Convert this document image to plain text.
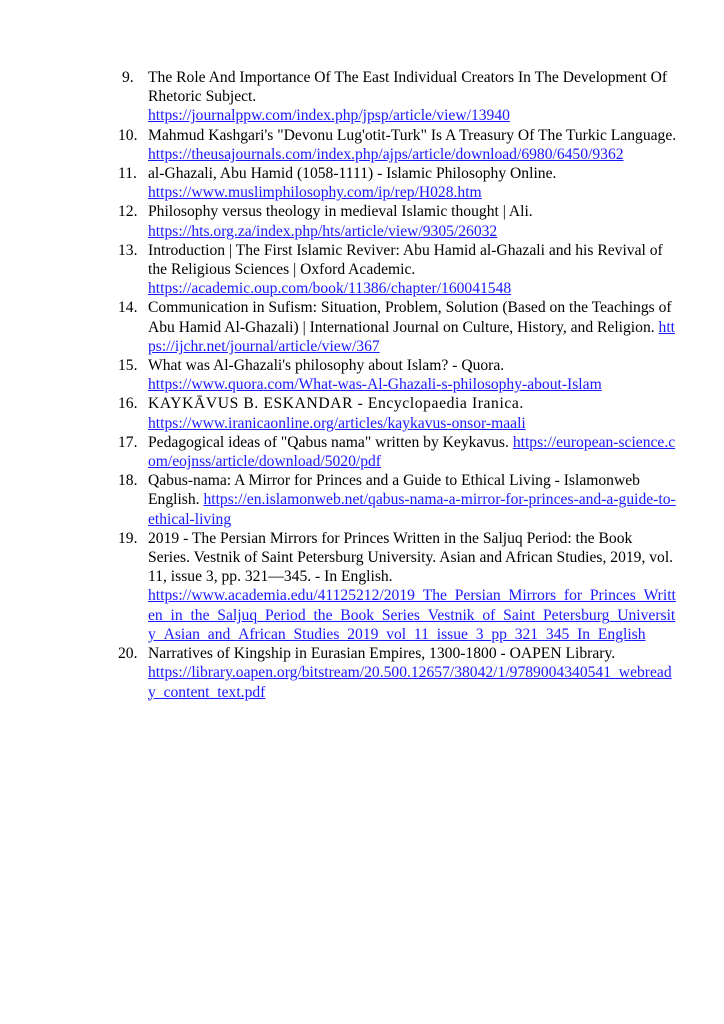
9. The Role And Importance Of The East Individual Creators In The Development Of Rhetoric Subject.
https://journalppw.com/index.php/jpsp/article/view/13940
10. Mahmud Kashgari's "Devonu Lug'otit-Turk" Is A Treasury Of The Turkic Language.
https://theusajournals.com/index.php/ajps/article/download/6980/6450/9362
11. al-Ghazali, Abu Hamid (1058-1111) - Islamic Philosophy Online.
https://www.muslimphilosophy.com/ip/rep/H028.htm
12. Philosophy versus theology in medieval Islamic thought | Ali.
https://hts.org.za/index.php/hts/article/view/9305/26032
13. Introduction | The First Islamic Reviver: Abu Hamid al-Ghazali and his Revival of the Religious Sciences | Oxford Academic.
https://academic.oup.com/book/11386/chapter/160041548
14. Communication in Sufism: Situation, Problem, Solution (Based on the Teachings of Abu Hamid Al-Ghazali) | International Journal on Culture, History, and Religion. https://ijchr.net/journal/article/view/367
15. What was Al-Ghazali's philosophy about Islam? - Quora.
https://www.quora.com/What-was-Al-Ghazali-s-philosophy-about-Islam
16. KAYKĀVUS B. ESKANDAR - Encyclopaedia Iranica.
https://www.iranicaonline.org/articles/kaykavus-onsor-maali
17. Pedagogical ideas of "Qabus nama" written by Keykavus. https://european-science.com/eojnss/article/download/5020/pdf
18. Qabus-nama: A Mirror for Princes and a Guide to Ethical Living - Islamonweb English. https://en.islamonweb.net/qabus-nama-a-mirror-for-princes-and-a-guide-to-ethical-living
19. 2019 - The Persian Mirrors for Princes Written in the Saljuq Period: the Book Series. Vestnik of Saint Petersburg University. Asian and African Studies, 2019, vol. 11, issue 3, pp. 321—345. - In English.
https://www.academia.edu/41125212/2019_The_Persian_Mirrors_for_Princes_Written_in_the_Saljuq_Period_the_Book_Series_Vestnik_of_Saint_Petersburg_University_Asian_and_African_Studies_2019_vol_11_issue_3_pp_321_345_In_English
20. Narratives of Kingship in Eurasian Empires, 1300-1800 - OAPEN Library.
https://library.oapen.org/bitstream/20.500.12657/38042/1/9789004340541_webready_content_text.pdf
